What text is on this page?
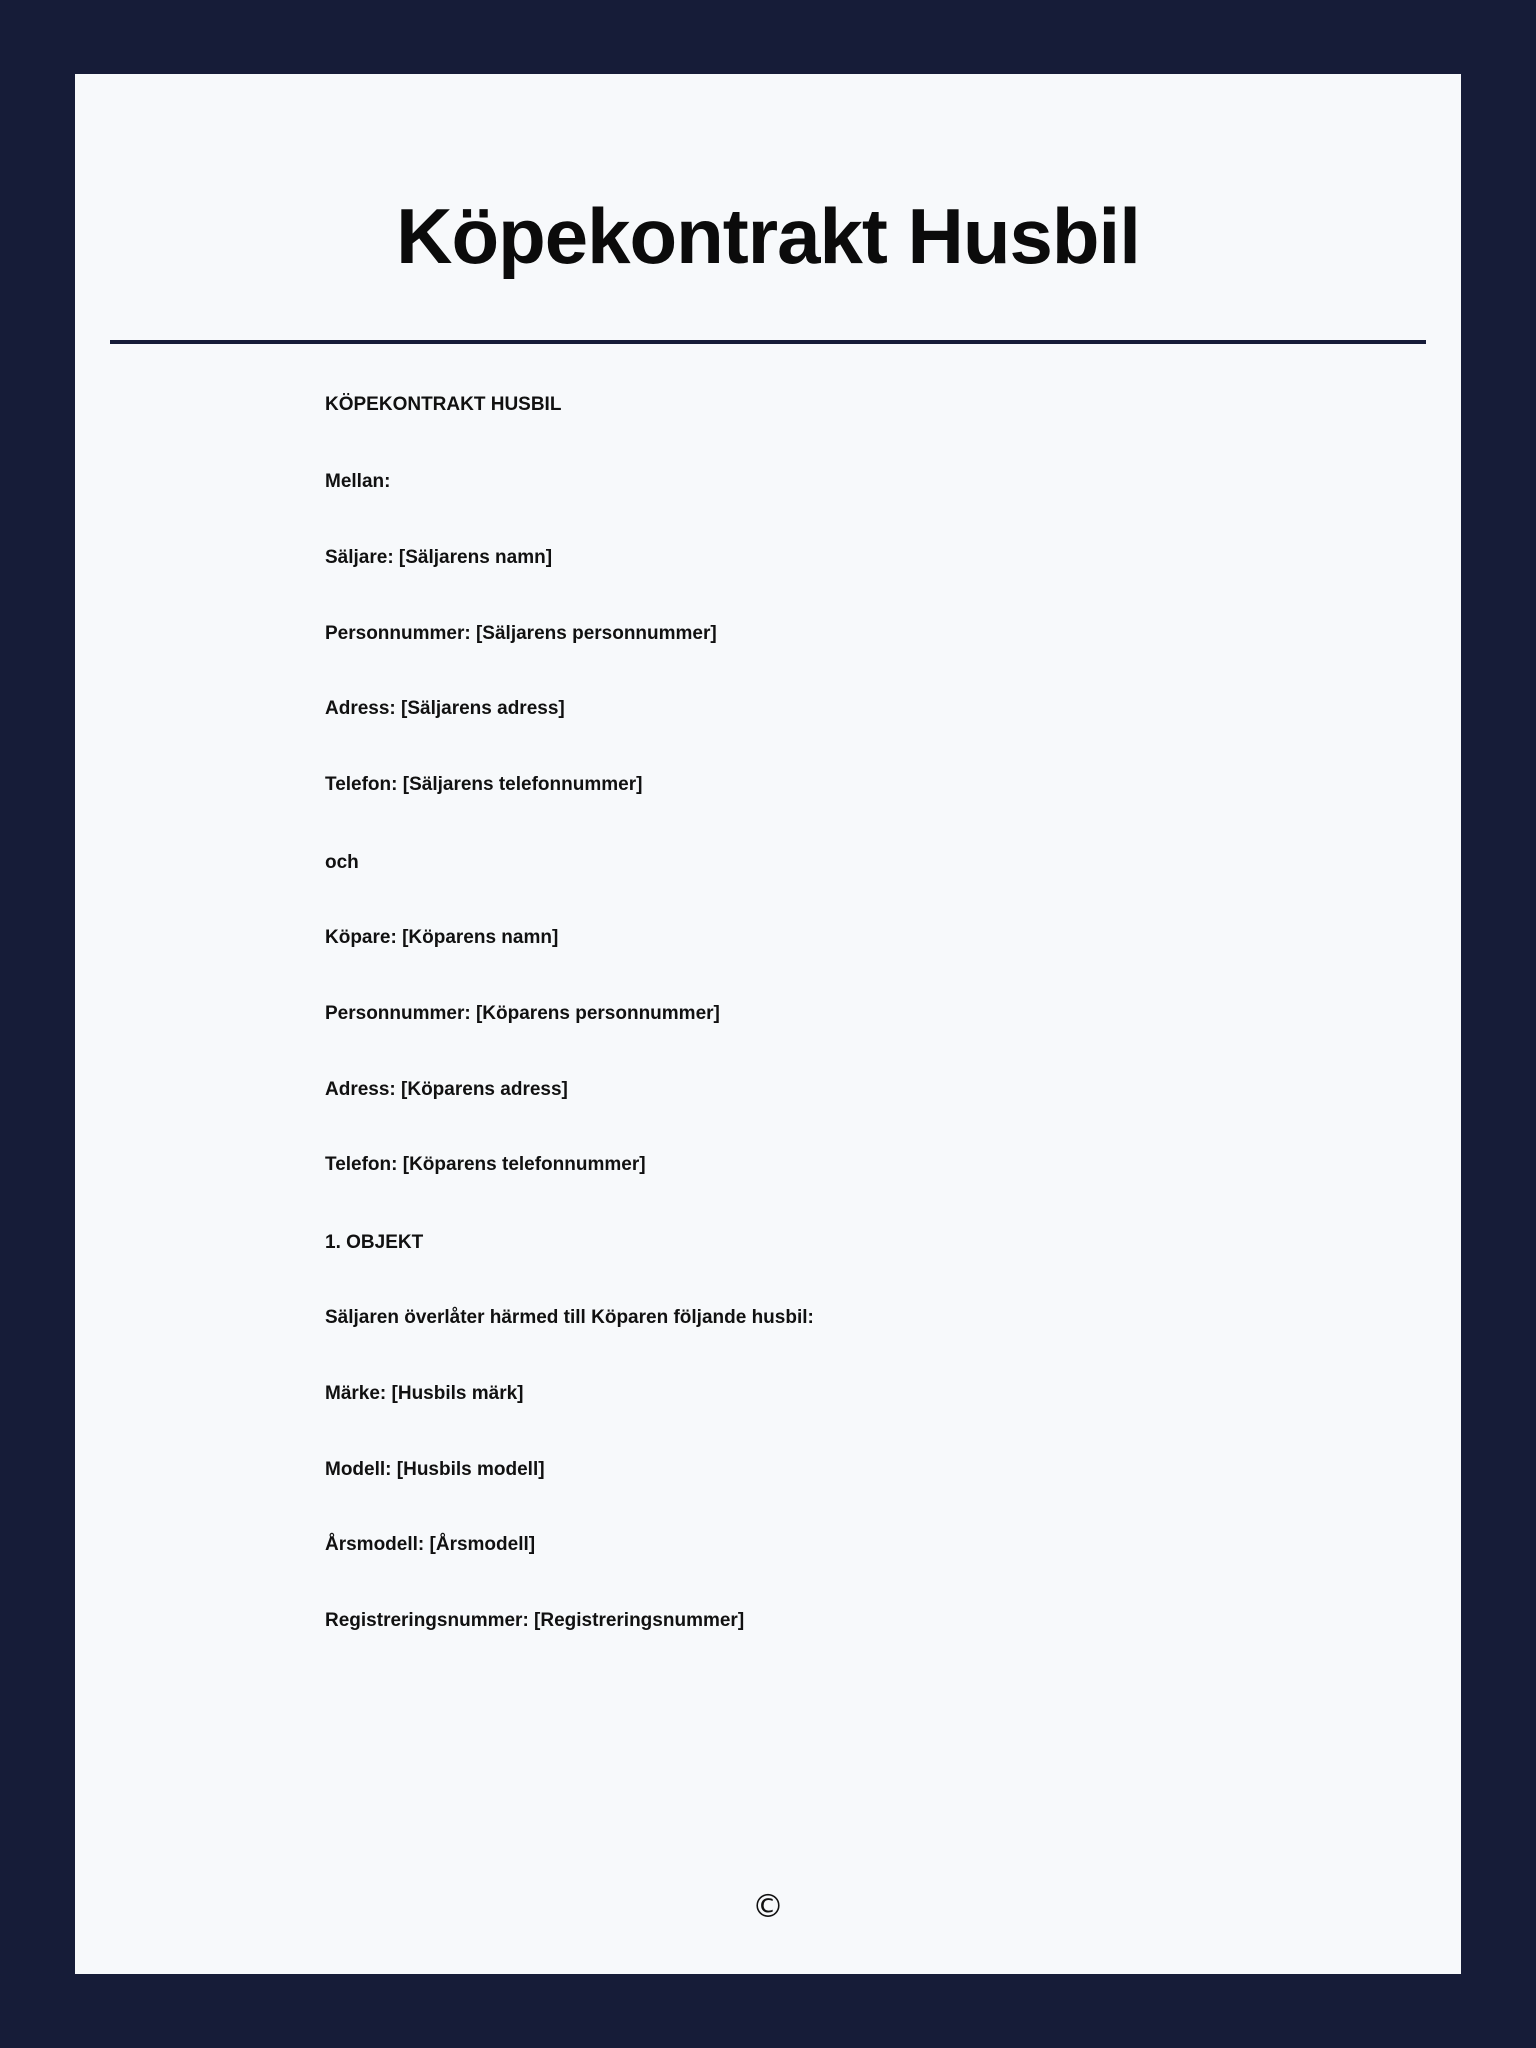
Köpekontrakt Husbil

KÖPEKONTRAKT HUSBIL

Mellan:

Säljare: [Säljarens namn]

Personnummer: [Säljarens personnummer]

Adress: [Säljarens adress]

Telefon: [Säljarens telefonnummer]

och

Köpare: [Köparens namn]

Personnummer: [Köparens personnummer]

Adress: [Köparens adress]

Telefon: [Köparens telefonnummer]

1. OBJEKT

Säljaren överlåter härmed till Köparen följande husbil:

Märke: [Husbils märk]

Modell: [Husbils modell]

Årsmodell: [Årsmodell]

Registreringsnummer: [Registreringsnummer]

©
